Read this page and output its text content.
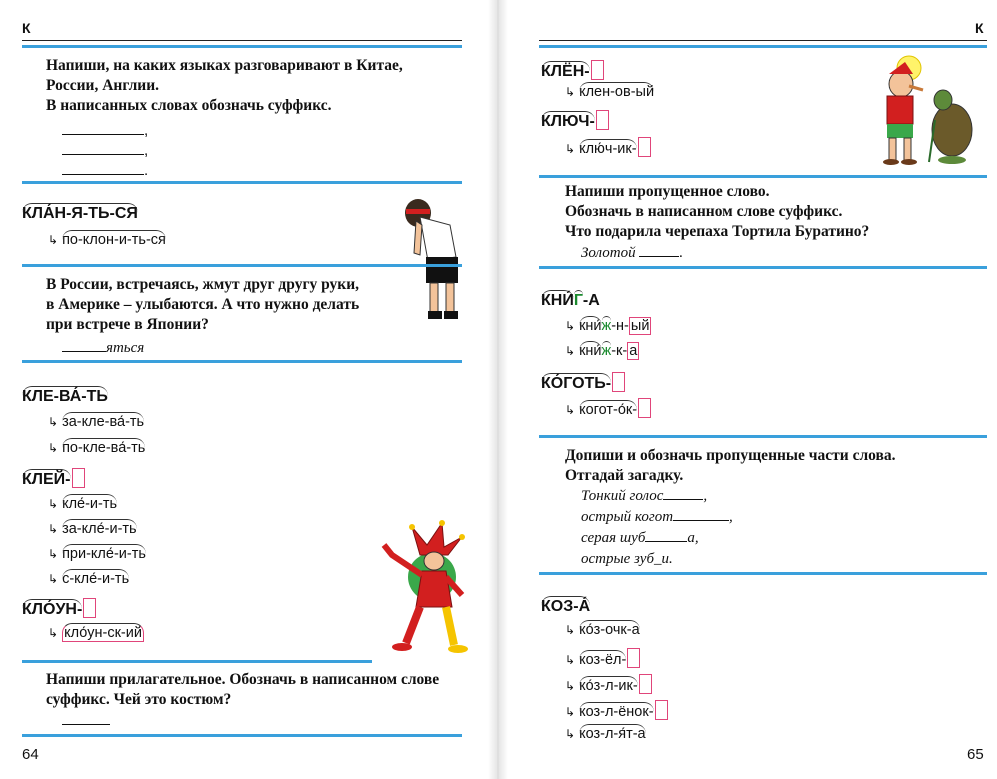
К
Напиши, на каких языках разговаривают в Китае,
России, Англии.
В написанных словах обозначь суффикс.
,
,
.
КЛА́Н-Я-ТЬ-СЯ
↳ по-клон-и-ть-ся
В России, встречаясь, жмут друг другу руки,
в Америке – улыбаются. А что нужно делать
при встрече в Японии?
яться
КЛЕ-ВА́-ТЬ
↳ за-кле-ва́-ть
↳ по-кле-ва́-ть
КЛЕЙ-
↳ кле́-и-ть
↳ за-кле́-и-ть
↳ при-кле́-и-ть
↳ с-кле́-и-ть
КЛО́УН-
↳ кло́ун-ск-ий
Напиши прилагательное. Обозначь в написанном слове
суффикс. Чей это костюм?
64
К
КЛЁН-
↳ клен-ов-ый
КЛЮЧ-
↳ клю́ч-ик-
Напиши пропущенное слово.
Обозначь в написанном слове суффикс.
Что подарила черепаха Тортила Буратино?
Золотой	.
КНИ́Г-А
↳ кни́ж-н- ый
↳ кни́ж-к- а
КО́ГОТЬ-
↳ когот-о́к-
Допиши и обозначь пропущенные части слова.
Отгадай загадку.
Тонкий голос	,
острый когот	,
серая шуб	а,
острые зуб_и.
КОЗ-А́
↳ ко́з-очк-а
↳ коз-ёл-
↳ ко́з-л-ик-
↳ коз-л-ёнок-
↳ коз-л-я́т-а
65
